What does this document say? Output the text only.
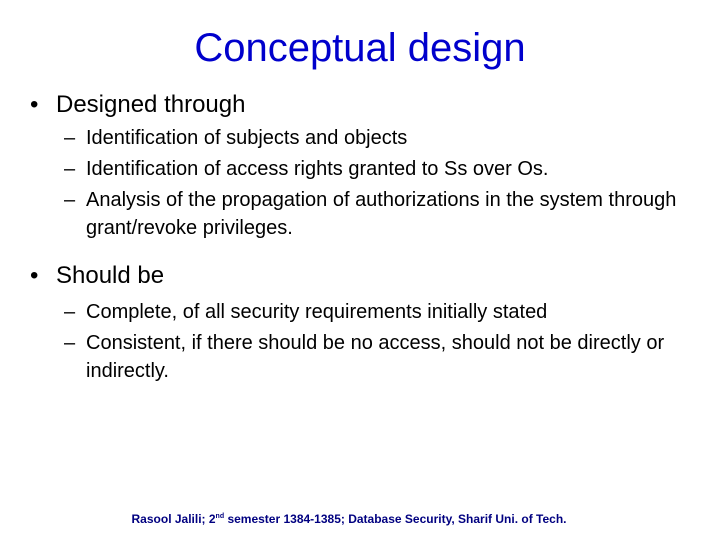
Conceptual design
• Designed through
– Identification of subjects and objects
– Identification of access rights granted to Ss over Os.
– Analysis of the propagation of authorizations in the system through grant/revoke privileges.
• Should be
– Complete, of all security requirements initially stated
– Consistent, if there should be no access, should not be directly or indirectly.
Rasool Jalili; 2nd semester 1384-1385; Database Security, Sharif Uni. of Tech.
